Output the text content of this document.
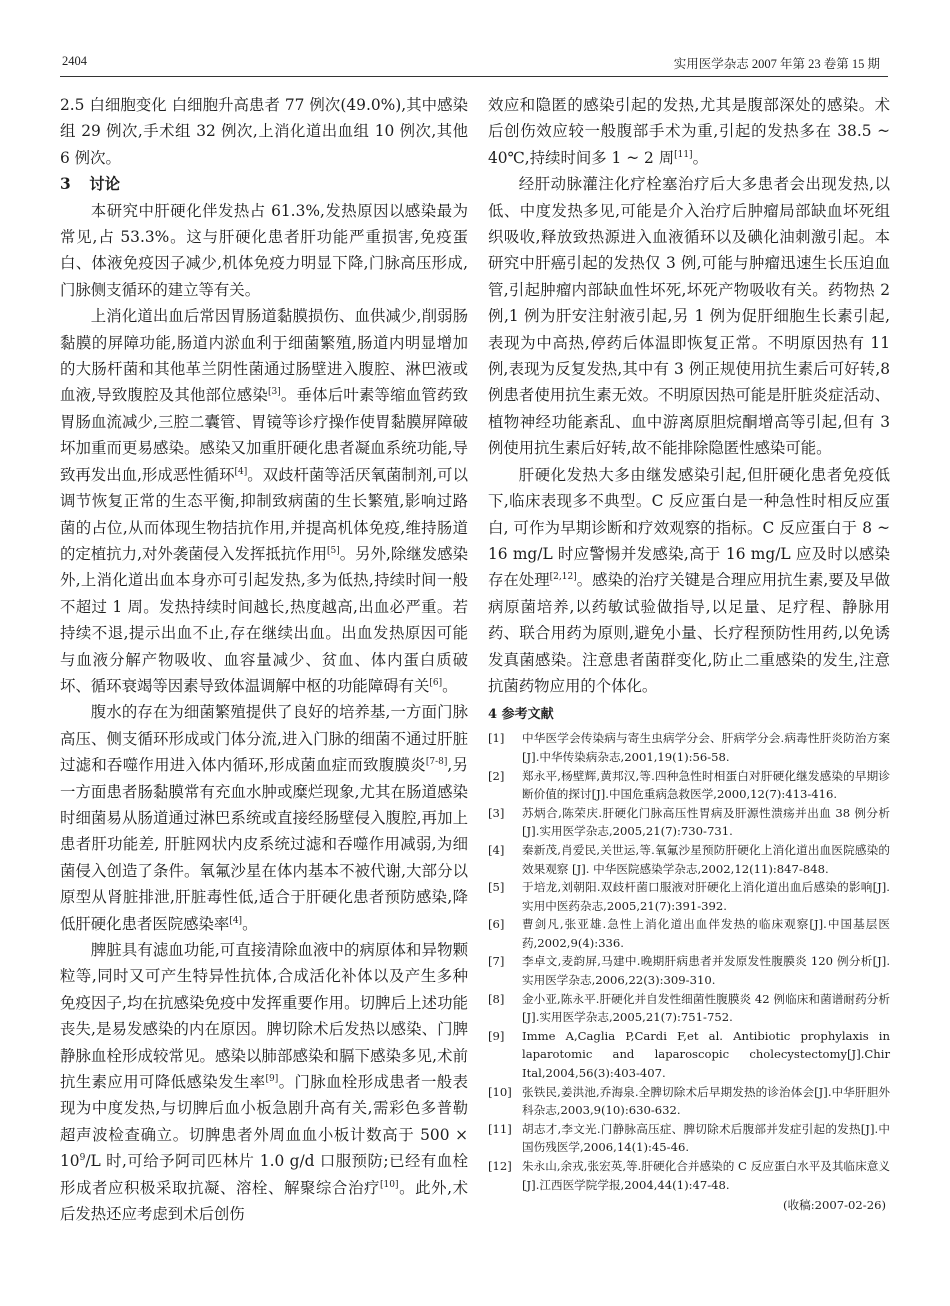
2404	实用医学杂志 2007 年第 23 卷第 15 期

2.5 白细胞变化 白细胞升高患者 77 例次(49.0%),其中感染组 29 例次,手术组 32 例次,上消化道出血组 10 例次,其他 6 例次。

3 讨论

本研究中肝硬化伴发热占 61.3%,发热原因以感染最为常见,占 53.3%。这与肝硬化患者肝功能严重损害,免疫蛋白、体液免疫因子减少,机体免疫力明显下降,门脉高压形成,门脉侧支循环的建立等有关。

上消化道出血后常因胃肠道黏膜损伤、血供减少,削弱肠黏膜的屏障功能,肠道内淤血利于细菌繁殖,肠道内明显增加的大肠杆菌和其他革兰阴性菌通过肠壁进入腹腔、淋巴液或血液,导致腹腔及其他部位感染[3]。垂体后叶素等缩血管药致胃肠血流减少,三腔二囊管、胃镜等诊疗操作使胃黏膜屏障破坏加重而更易感染。感染又加重肝硬化患者凝血系统功能,导致再发出血,形成恶性循环[4]。双歧杆菌等活厌氧菌制剂,可以调节恢复正常的生态平衡,抑制致病菌的生长繁殖,影响过路菌的占位,从而体现生物拮抗作用,并提高机体免疫,维持肠道的定植抗力,对外袭菌侵入发挥抵抗作用[5]。另外,除继发感染外,上消化道出血本身亦可引起发热,多为低热,持续时间一般不超过 1 周。发热持续时间越长,热度越高,出血必严重。若持续不退,提示出血不止,存在继续出血。出血发热原因可能与血液分解产物吸收、血容量减少、贫血、体内蛋白质破坏、循环衰竭等因素导致体温调解中枢的功能障碍有关[6]。

腹水的存在为细菌繁殖提供了良好的培养基,一方面门脉高压、侧支循环形成或门体分流,进入门脉的细菌不通过肝脏过滤和吞噬作用进入体内循环,形成菌血症而致腹膜炎[7-8],另一方面患者肠黏膜常有充血水肿或糜烂现象,尤其在肠道感染时细菌易从肠道通过淋巴系统或直接经肠壁侵入腹腔,再加上患者肝功能差, 肝脏网状内皮系统过滤和吞噬作用减弱,为细菌侵入创造了条件。氧氟沙星在体内基本不被代谢,大部分以原型从肾脏排泄,肝脏毒性低,适合于肝硬化患者预防感染,降低肝硬化患者医院感染率[4]。

脾脏具有滤血功能,可直接清除血液中的病原体和异物颗粒等,同时又可产生特异性抗体,合成活化补体以及产生多种免疫因子,均在抗感染免疫中发挥重要作用。切脾后上述功能丧失,是易发感染的内在原因。脾切除术后发热以感染、门脾静脉血栓形成较常见。感染以肺部感染和膈下感染多见,术前抗生素应用可降低感染发生率[9]。门脉血栓形成患者一般表现为中度发热,与切脾后血小板急剧升高有关,需彩色多普勒超声波检查确立。切脾患者外周血血小板计数高于 $500 \times 10^9/L$ 时,可给予阿司匹林片 1.0 g/d 口服预防;已经有血栓形成者应积极采取抗凝、溶栓、解聚综合治疗[10]。此外,术后发热还应考虑到术后创伤

效应和隐匿的感染引起的发热,尤其是腹部深处的感染。术后创伤效应较一般腹部手术为重,引起的发热多在 38.5 ~ 40℃,持续时间多 1 ~ 2 周[11]。

经肝动脉灌注化疗栓塞治疗后大多患者会出现发热,以低、中度发热多见,可能是介入治疗后肿瘤局部缺血坏死组织吸收,释放致热源进入血液循环以及碘化油刺激引起。本研究中肝癌引起的发热仅 3 例,可能与肿瘤迅速生长压迫血管,引起肿瘤内部缺血性坏死,坏死产物吸收有关。药物热 2 例,1 例为肝安注射液引起,另 1 例为促肝细胞生长素引起,表现为中高热,停药后体温即恢复正常。不明原因热有 11 例,表现为反复发热,其中有 3 例正规使用抗生素后可好转,8 例患者使用抗生素无效。不明原因热可能是肝脏炎症活动、植物神经功能紊乱、血中游离原胆烷酮增高等引起,但有 3 例使用抗生素后好转,故不能排除隐匿性感染可能。

肝硬化发热大多由继发感染引起,但肝硬化患者免疫低下,临床表现多不典型。C 反应蛋白是一种急性时相反应蛋白, 可作为早期诊断和疗效观察的指标。C 反应蛋白于 8 ~ 16 mg/L 时应警惕并发感染,高于 16 mg/L 应及时以感染存在处理[2,12]。感染的治疗关键是合理应用抗生素,要及早做病原菌培养,以药敏试验做指导,以足量、足疗程、静脉用药、联合用药为原则,避免小量、长疗程预防性用药,以免诱发真菌感染。注意患者菌群变化,防止二重感染的发生,注意抗菌药物应用的个体化。

4 参考文献
[1]	中华医学会传染病与寄生虫病学分会、肝病学分会.病毒性肝炎防治方案[J].中华传染病杂志,2001,19(1):56-58.
[2]	郑永平,杨壁辉,黄邦汉,等.四种急性时相蛋白对肝硬化继发感染的早期诊断价值的探讨[J].中国危重病急救医学,2000,12(7):413-416.
[3]	苏炳合,陈荣庆.肝硬化门脉高压性胃病及肝源性溃疡并出血 38 例分析[J].实用医学杂志,2005,21(7):730-731.
[4]	秦新茂,肖爱民,关世运,等.氧氟沙星预防肝硬化上消化道出血医院感染的效果观察 [J]. 中华医院感染学杂志,2002,12(11):847-848.
[5]	于培龙,刘朝阳.双歧杆菌口服液对肝硬化上消化道出血后感染的影响[J].实用中医药杂志,2005,21(7):391-392.
[6]	曹剑凡,张亚雄.急性上消化道出血伴发热的临床观察[J].中国基层医药,2002,9(4):336.
[7]	李卓文,麦韵屏,马建中.晚期肝病患者并发原发性腹膜炎 120 例分析[J].实用医学杂志,2006,22(3):309-310.
[8]	金小亚,陈永平.肝硬化并自发性细菌性腹膜炎 42 例临床和菌谱耐药分析[J].实用医学杂志,2005,21(7):751-752.
[9]	Imme A,Caglia P,Cardi F,et al. Antibiotic prophylaxis in laparotomic and laparoscopic cholecystectomy[J].Chir Ital,2004,56(3):403-407.
[10] 张铁民,姜洪池,乔海泉.全脾切除术后早期发热的诊治体会[J].中华肝胆外科杂志,2003,9(10):630-632.
[11] 胡志才,李文光.门静脉高压症、脾切除术后腹部并发症引起的发热[J].中国伤残医学,2006,14(1):45-46.
[12] 朱永山,余戎,张宏英,等.肝硬化合并感染的 C 反应蛋白水平及其临床意义[J].江西医学院学报,2004,44(1):47-48.
(收稿:2007-02-26)
